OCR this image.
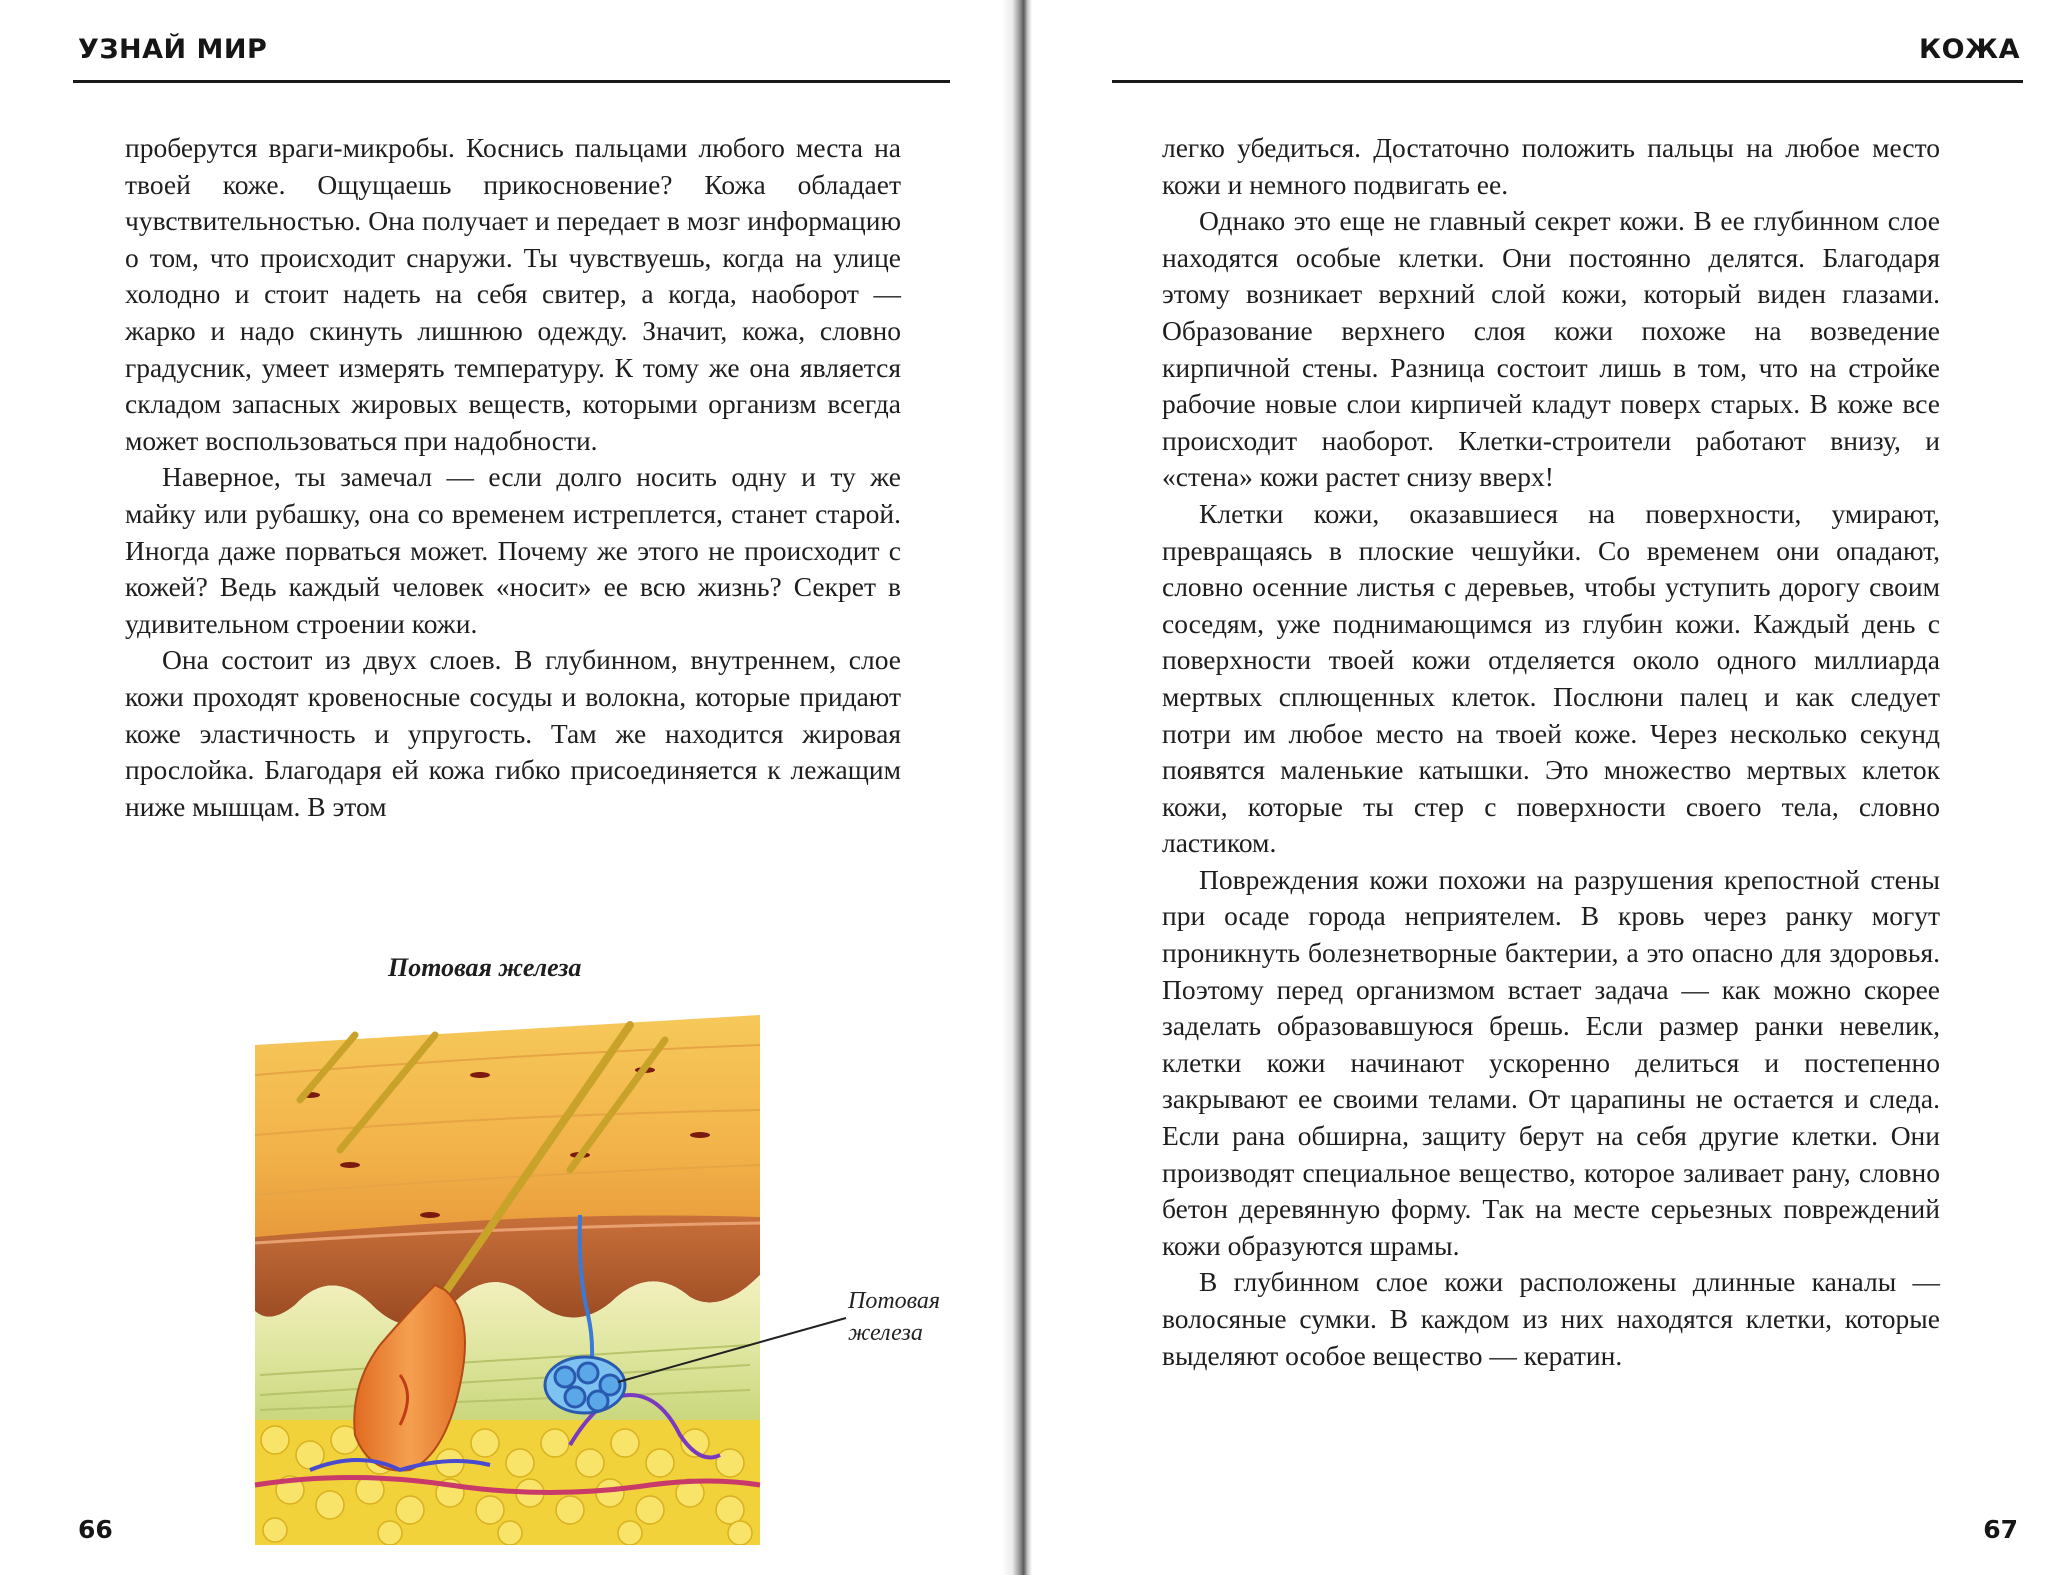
УЗНАЙ МИР

проберутся враги-микробы. Коснись пальцами любого места на твоей коже. Ощущаешь прикосновение? Кожа обладает чувствительностью. Она получает и передает в мозг информацию о том, что происходит снаружи. Ты чувствуешь, когда на улице холодно и стоит надеть на себя свитер, а когда, наоборот — жарко и надо скинуть лишнюю одежду. Значит, кожа, словно градусник, умеет измерять температуру. К тому же она является складом запасных жировых веществ, которыми организм всегда может воспользоваться при надобности.

Наверное, ты замечал — если долго носить одну и ту же майку или рубашку, она со временем истреплется, станет старой. Иногда даже порваться может. Почему же этого не происходит с кожей? Ведь каждый человек «носит» ее всю жизнь? Секрет в удивительном строении кожи.

Она состоит из двух слоев. В глубинном, внутреннем, слое кожи проходят кровеносные сосуды и волокна, которые придают коже эластичность и упругость. Там же находится жировая прослойка. Благодаря ей кожа гибко присоединяется к лежащим ниже мышцам. В этом

Потовая железа
Потовая
железа
66
КОЖА

легко убедиться. Достаточно положить пальцы на любое место кожи и немного подвигать ее.

Однако это еще не главный секрет кожи. В ее глубинном слое находятся особые клетки. Они постоянно делятся. Благодаря этому возникает верхний слой кожи, который виден глазами. Образование верхнего слоя кожи похоже на возведение кирпичной стены. Разница состоит лишь в том, что на стройке рабочие новые слои кирпичей кладут поверх старых. В коже все происходит наоборот. Клетки-строители работают внизу, и «стена» кожи растет снизу вверх!

Клетки кожи, оказавшиеся на поверхности, умирают, превращаясь в плоские чешуйки. Со временем они опадают, словно осенние листья с деревьев, чтобы уступить дорогу своим соседям, уже поднимающимся из глубин кожи. Каждый день с поверхности твоей кожи отделяется около одного миллиарда мертвых сплющенных клеток. Послюни палец и как следует потри им любое место на твоей коже. Через несколько секунд появятся маленькие катышки. Это множество мертвых клеток кожи, которые ты стер с поверхности своего тела, словно ластиком.

Повреждения кожи похожи на разрушения крепостной стены при осаде города неприятелем. В кровь через ранку могут проникнуть болезнетворные бактерии, а это опасно для здоровья. Поэтому перед организмом встает задача — как можно скорее заделать образовавшуюся брешь. Если размер ранки невелик, клетки кожи начинают ускоренно делиться и постепенно закрывают ее своими телами. От царапины не остается и следа. Если рана обширна, защиту берут на себя другие клетки. Они производят специальное вещество, которое заливает рану, словно бетон деревянную форму. Так на месте серьезных повреждений кожи образуются шрамы.

В глубинном слое кожи расположены длинные каналы — волосяные сумки. В каждом из них находятся клетки, которые выделяют особое вещество — кератин.

67
